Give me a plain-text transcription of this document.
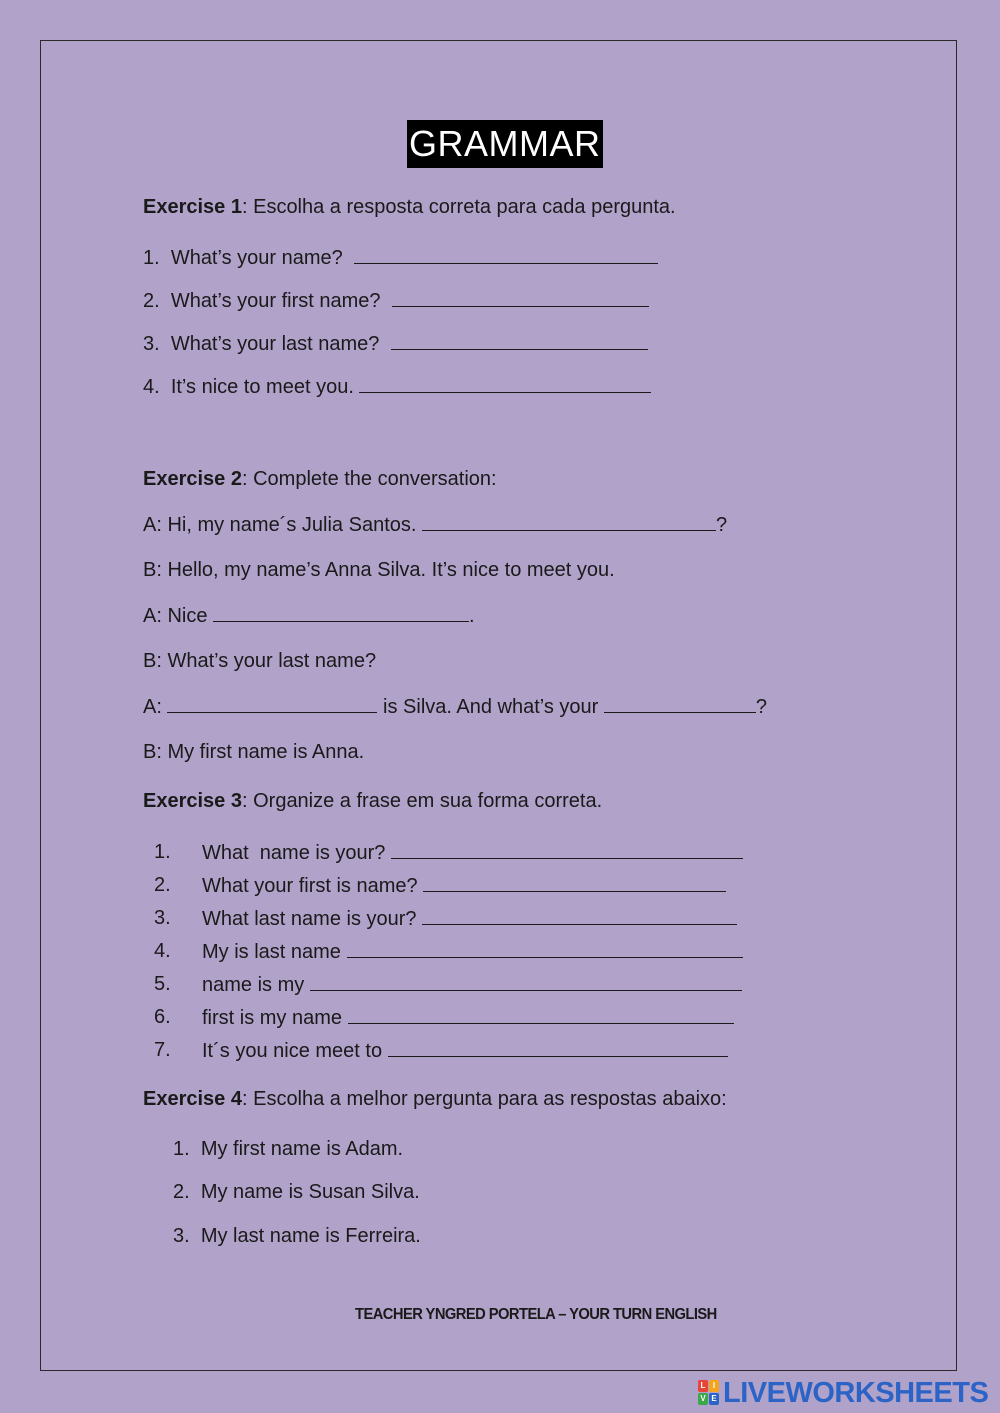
GRAMMAR
Exercise 1: Escolha a resposta correta para cada pergunta.
1. What’s your name?
2. What’s your first name?
3. What’s your last name?
4. It’s nice to meet you.
Exercise 2: Complete the conversation:
A: Hi, my name´s Julia Santos.	?
B: Hello, my name’s Anna Silva. It’s nice to meet you.
A: Nice	.
B: What’s your last name?
A:	is Silva. And what’s your	?
B: My first name is Anna.
Exercise 3: Organize a frase em sua forma correta.
1. What  name is your?
2. What your first is name?
3. What last name is your?
4. My is last name
5. name is my
6. first is my name
7. It´s you nice meet to
Exercise 4: Escolha a melhor pergunta para as respostas abaixo:
1. My first name is Adam.
2. My name is Susan Silva.
3. My last name is Ferreira.
TEACHER YNGRED PORTELA – YOUR TURN ENGLISH
L I
V E LIVEWORKSHEETS
